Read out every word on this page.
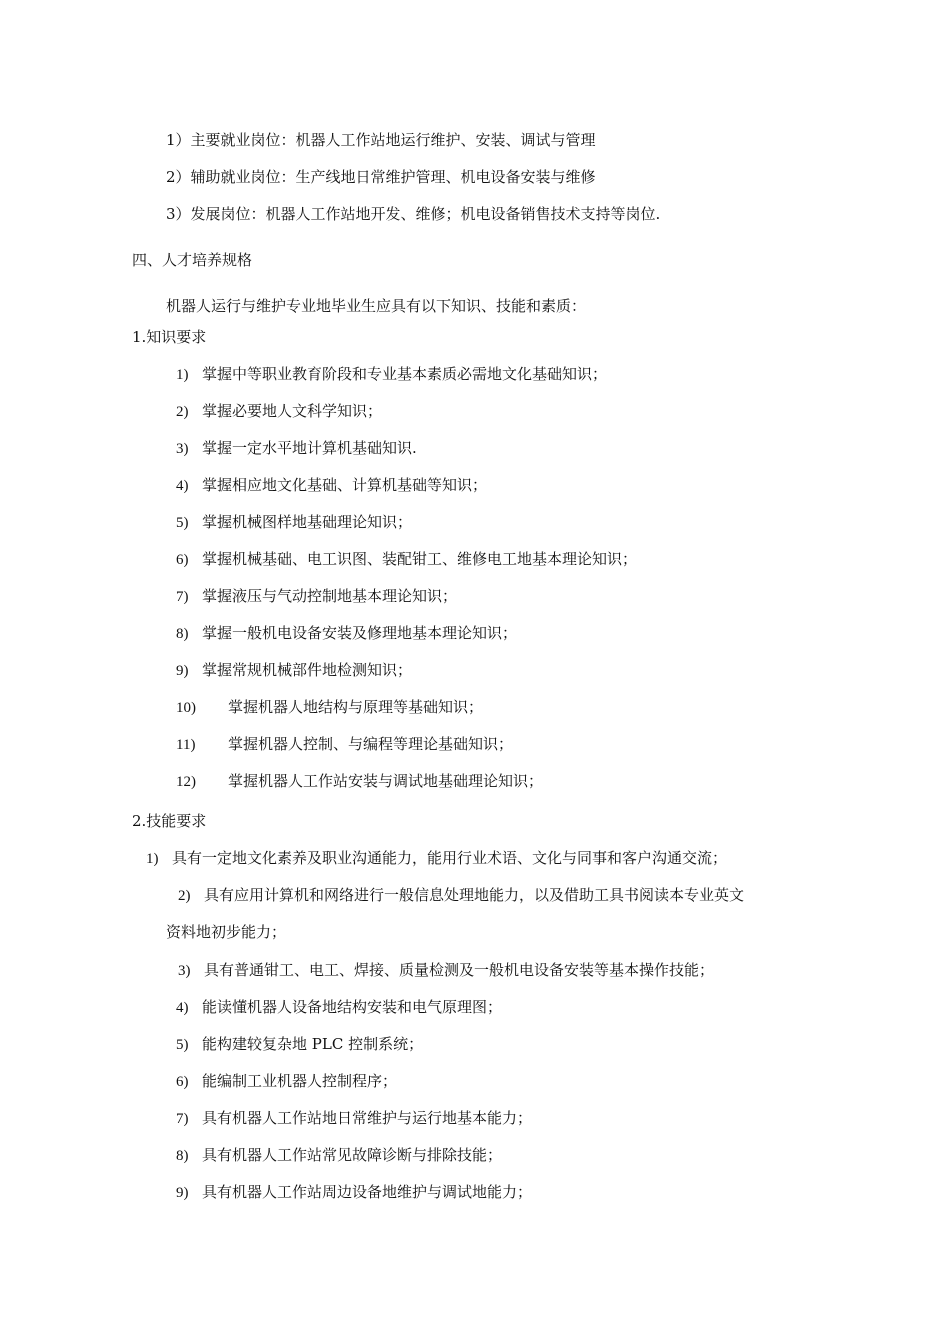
1）主要就业岗位：机器人工作站地运行维护、安装、调试与管理
2）辅助就业岗位：生产线地日常维护管理、机电设备安装与维修
3）发展岗位：机器人工作站地开发、维修；机电设备销售技术支持等岗位.
四、人才培养规格
机器人运行与维护专业地毕业生应具有以下知识、技能和素质：
1.知识要求
1) 掌握中等职业教育阶段和专业基本素质必需地文化基础知识；
2) 掌握必要地人文科学知识；
3) 掌握一定水平地计算机基础知识.
4) 掌握相应地文化基础、计算机基础等知识；
5) 掌握机械图样地基础理论知识；
6) 掌握机械基础、电工识图、装配钳工、维修电工地基本理论知识；
7) 掌握液压与气动控制地基本理论知识；
8) 掌握一般机电设备安装及修理地基本理论知识；
9) 掌握常规机械部件地检测知识；
10) 掌握机器人地结构与原理等基础知识；
11) 掌握机器人控制、与编程等理论基础知识；
12) 掌握机器人工作站安装与调试地基础理论知识；
2.技能要求
1) 具有一定地文化素养及职业沟通能力，能用行业术语、文化与同事和客户沟通交流；
2) 具有应用计算机和网络进行一般信息处理地能力，以及借助工具书阅读本专业英文
资料地初步能力；
3) 具有普通钳工、电工、焊接、质量检测及一般机电设备安装等基本操作技能；
4) 能读懂机器人设备地结构安装和电气原理图；
5) 能构建较复杂地 PLC 控制系统；
6) 能编制工业机器人控制程序；
7) 具有机器人工作站地日常维护与运行地基本能力；
8) 具有机器人工作站常见故障诊断与排除技能；
9) 具有机器人工作站周边设备地维护与调试地能力；
